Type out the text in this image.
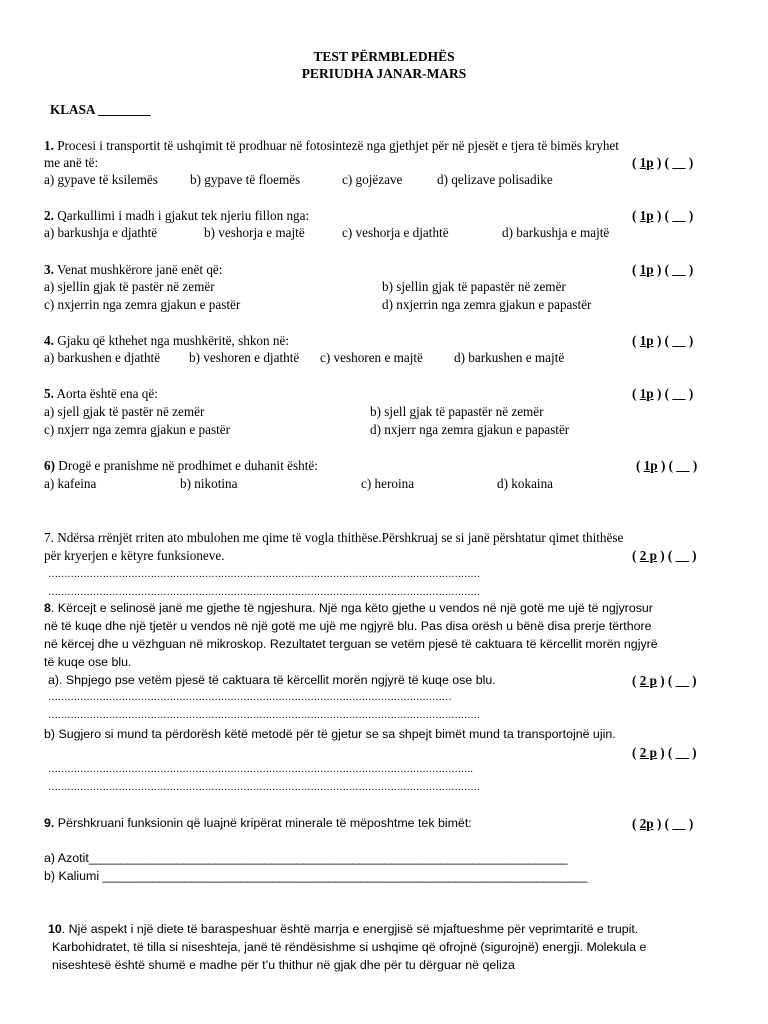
TEST PËRMBLEDHËS
PERIUDHA JANAR-MARS
KLASA ________
1. Procesi i transportit të ushqimit të prodhuar në fotosintezë nga gjethjet për në pjesët e tjera të bimës kryhet
me anë të:	( 1p ) ( __ )
a) gypave të ksilemës b) gypave të floemës	c) gojëzave	d) qelizave polisadike
2. Qarkullimi i madh i gjakut tek njeriu fillon nga:	( 1p ) ( __ )
a) barkushja e djathtë	b) veshorja e majtë	c) veshorja e djathtë	d) barkushja e majtë
3. Venat mushkërore janë enët që:	( 1p ) ( __ )
a) sjellin gjak të pastër në zemër	b) sjellin gjak të papastër në zemër
c) nxjerrin nga zemra gjakun e pastër	d) nxjerrin nga zemra gjakun e papastër
4. Gjaku që kthehet nga mushkëritë, shkon në:	( 1p ) ( __ )
a) barkushen e djathtë b) veshoren e djathtë c) veshoren e majtë d) barkushen e majtë
5. Aorta është ena që:	( 1p ) ( __ )
a) sjell gjak të pastër në zemër	b) sjell gjak të papastër në zemër
c) nxjerr nga zemra gjakun e pastër	d) nxjerr nga zemra gjakun e papastër
6) Drogë e pranishme në prodhimet e duhanit është:	( 1p ) ( __ )
a) kafeina	b) nikotina	c) heroina	d) kokaina
7. Ndërsa rrënjët rriten ato mbulohen me qime të vogla thithëse.Përshkruaj se si janë përshtatur qimet thithëse
për kryerjen e këtyre funksioneve.	( 2 p ) ( __ )
………………………………………………………………………………………………………………………
………………………………………………………………………………………………………………………
8. Kërcejt e selinosë janë me gjethe të ngjeshura. Një nga këto gjethe u vendos në një gotë me ujë të ngjyrosur
në të kuqe dhe një tjetër u vendos në një gotë me ujë me ngjyrë blu. Pas disa orësh u bënë disa prerje tërthore
në kërcej dhe u vëzhguan në mikroskop. Rezultatet terguan se vetëm pjesë të caktuara të kërcellit morën ngjyrë
të kuqe ose blu.
a). Shpjego pse vetëm pjesë të caktuara të kërcellit morën ngjyrë të kuqe ose blu.	( 2 p ) ( __ )
………………………………………………………………………………………………………………
………………………………………………………………………………………………………………………
b) Sugjero si mund ta përdorësh këtë metodë për të gjetur se sa shpejt bimët mund ta transportojnë ujin.
( 2 p ) ( __ )
…………………………………………………………………………………………………………………….
………………………………………………………………………………………………………………………
9. Përshkruani funksionin që luajnë kripërat minerale të mëposhtme tek bimët:	( 2p ) ( __ )
a) Azotit____________________________________________________________________________
b) Kaliumi _____________________________________________________________________________
10. Një aspekt i një diete të baraspeshuar është marrja e energjisë së mjaftueshme për veprimtaritë e trupit.
Karbohidratet, të tilla si niseshteja, janë të rëndësishme si ushqime që ofrojnë (sigurojnë) energji. Molekula e
niseshtesë është shumë e madhe për t’u thithur në gjak dhe për tu dërguar në qeliza
